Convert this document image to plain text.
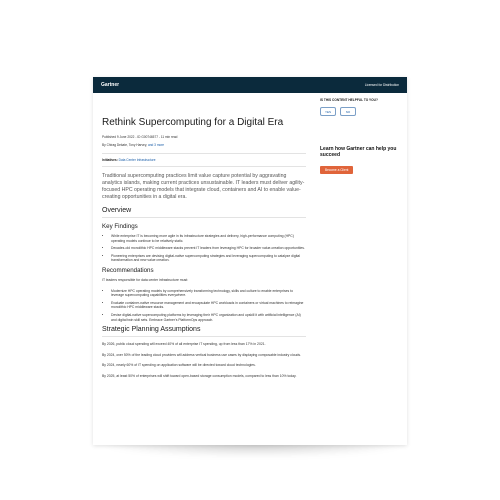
Gartner	Licensed for Distribution
Rethink Supercomputing for a Digital Era
Published 9 June 2022 - ID G00746577 - 11 min read
By Chirag Dekate, Tony Harvey, and 3 more
Initiatives: Data Center Infrastructure
Traditional supercomputing practices limit value capture potential by aggravating analytics islands, making current practices unsustainable. IT leaders must deliver agility-focused HPC operating models that integrate cloud, containers and AI to enable value-creating opportunities in a digital era.
Overview
Key Findings
• While enterprise IT is becoming more agile in its infrastructure strategies and delivery, high-performance computing (HPC) operating models continue to be relatively static.
• Decades-old monolithic HPC middleware stacks prevent IT leaders from leveraging HPC for broader value-creation opportunities.
• Pioneering enterprises are devising digital-native supercomputing strategies and leveraging supercomputing to catalyze digital transformation and new value creation.
Recommendations

IT leaders responsible for data center infrastructure must:

• Modernize HPC operating models by comprehensively transforming technology, skills and culture to enable enterprises to leverage supercomputing capabilities everywhere.
• Evaluate container-native resource management and encapsulate HPC workloads in containers or virtual machines to reimagine monolithic HPC middleware stacks.
• Devise digital-native supercomputing platforms by leveraging their HPC organization and upskill it with artificial intelligence (AI) and digital twin skill sets. Embrace Gartner's PlatformOps approach.
Strategic Planning Assumptions

By 2026, public cloud spending will exceed 40% of all enterprise IT spending, up from less than 17% in 2021.

By 2024, over 50% of the leading cloud providers will address vertical business use cases by displaying composable industry clouds.

By 2024, nearly 60% of IT spending on application software will be directed toward cloud technologies.

By 2025, at least 50% of enterprises will shift toward open-based storage consumption models, compared to less than 10% today.

IS THIS CONTENT HELPFUL TO YOU?
YES	NO
Learn how Gartner can help you succeed
Become a Client
